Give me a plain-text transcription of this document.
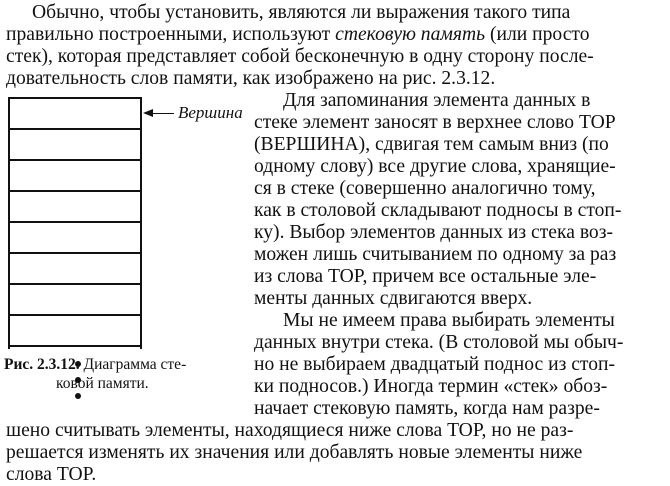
Обычно, чтобы установить, являются ли выражения такого типа
правильно построенными, используют стековую память (или просто
стек), которая представляет собой бесконечную в одну сторону после-
довательность слов памяти, как изображено на рис. 2.3.12.
Для запоминания элемента данных в
стеке элемент заносят в верхнее слово TOP
(ВЕРШИНА), сдвигая тем самым вниз (по
одному слову) все другие слова, хранящие-
ся в стеке (совершенно аналогично тому,
как в столовой складывают подносы в стоп-
ку). Выбор элементов данных из стека воз-
можен лишь считыванием по одному за раз
из слова TOP, причем все остальные эле-
менты данных сдвигаются вверх.
Мы не имеем права выбирать элементы
данных внутри стека. (В столовой мы обыч-
но не выбираем двадцатый поднос из стоп-
ки подносов.) Иногда термин «стек» обоз-
начает стековую память, когда нам разре-
шено считывать элементы, находящиеся ниже слова TOP, но не раз-
решается изменять их значения или добавлять новые элементы ниже
слова TOP.
Вершина
Рис. 2.3.12. Диаграмма сте-
ковой памяти.
